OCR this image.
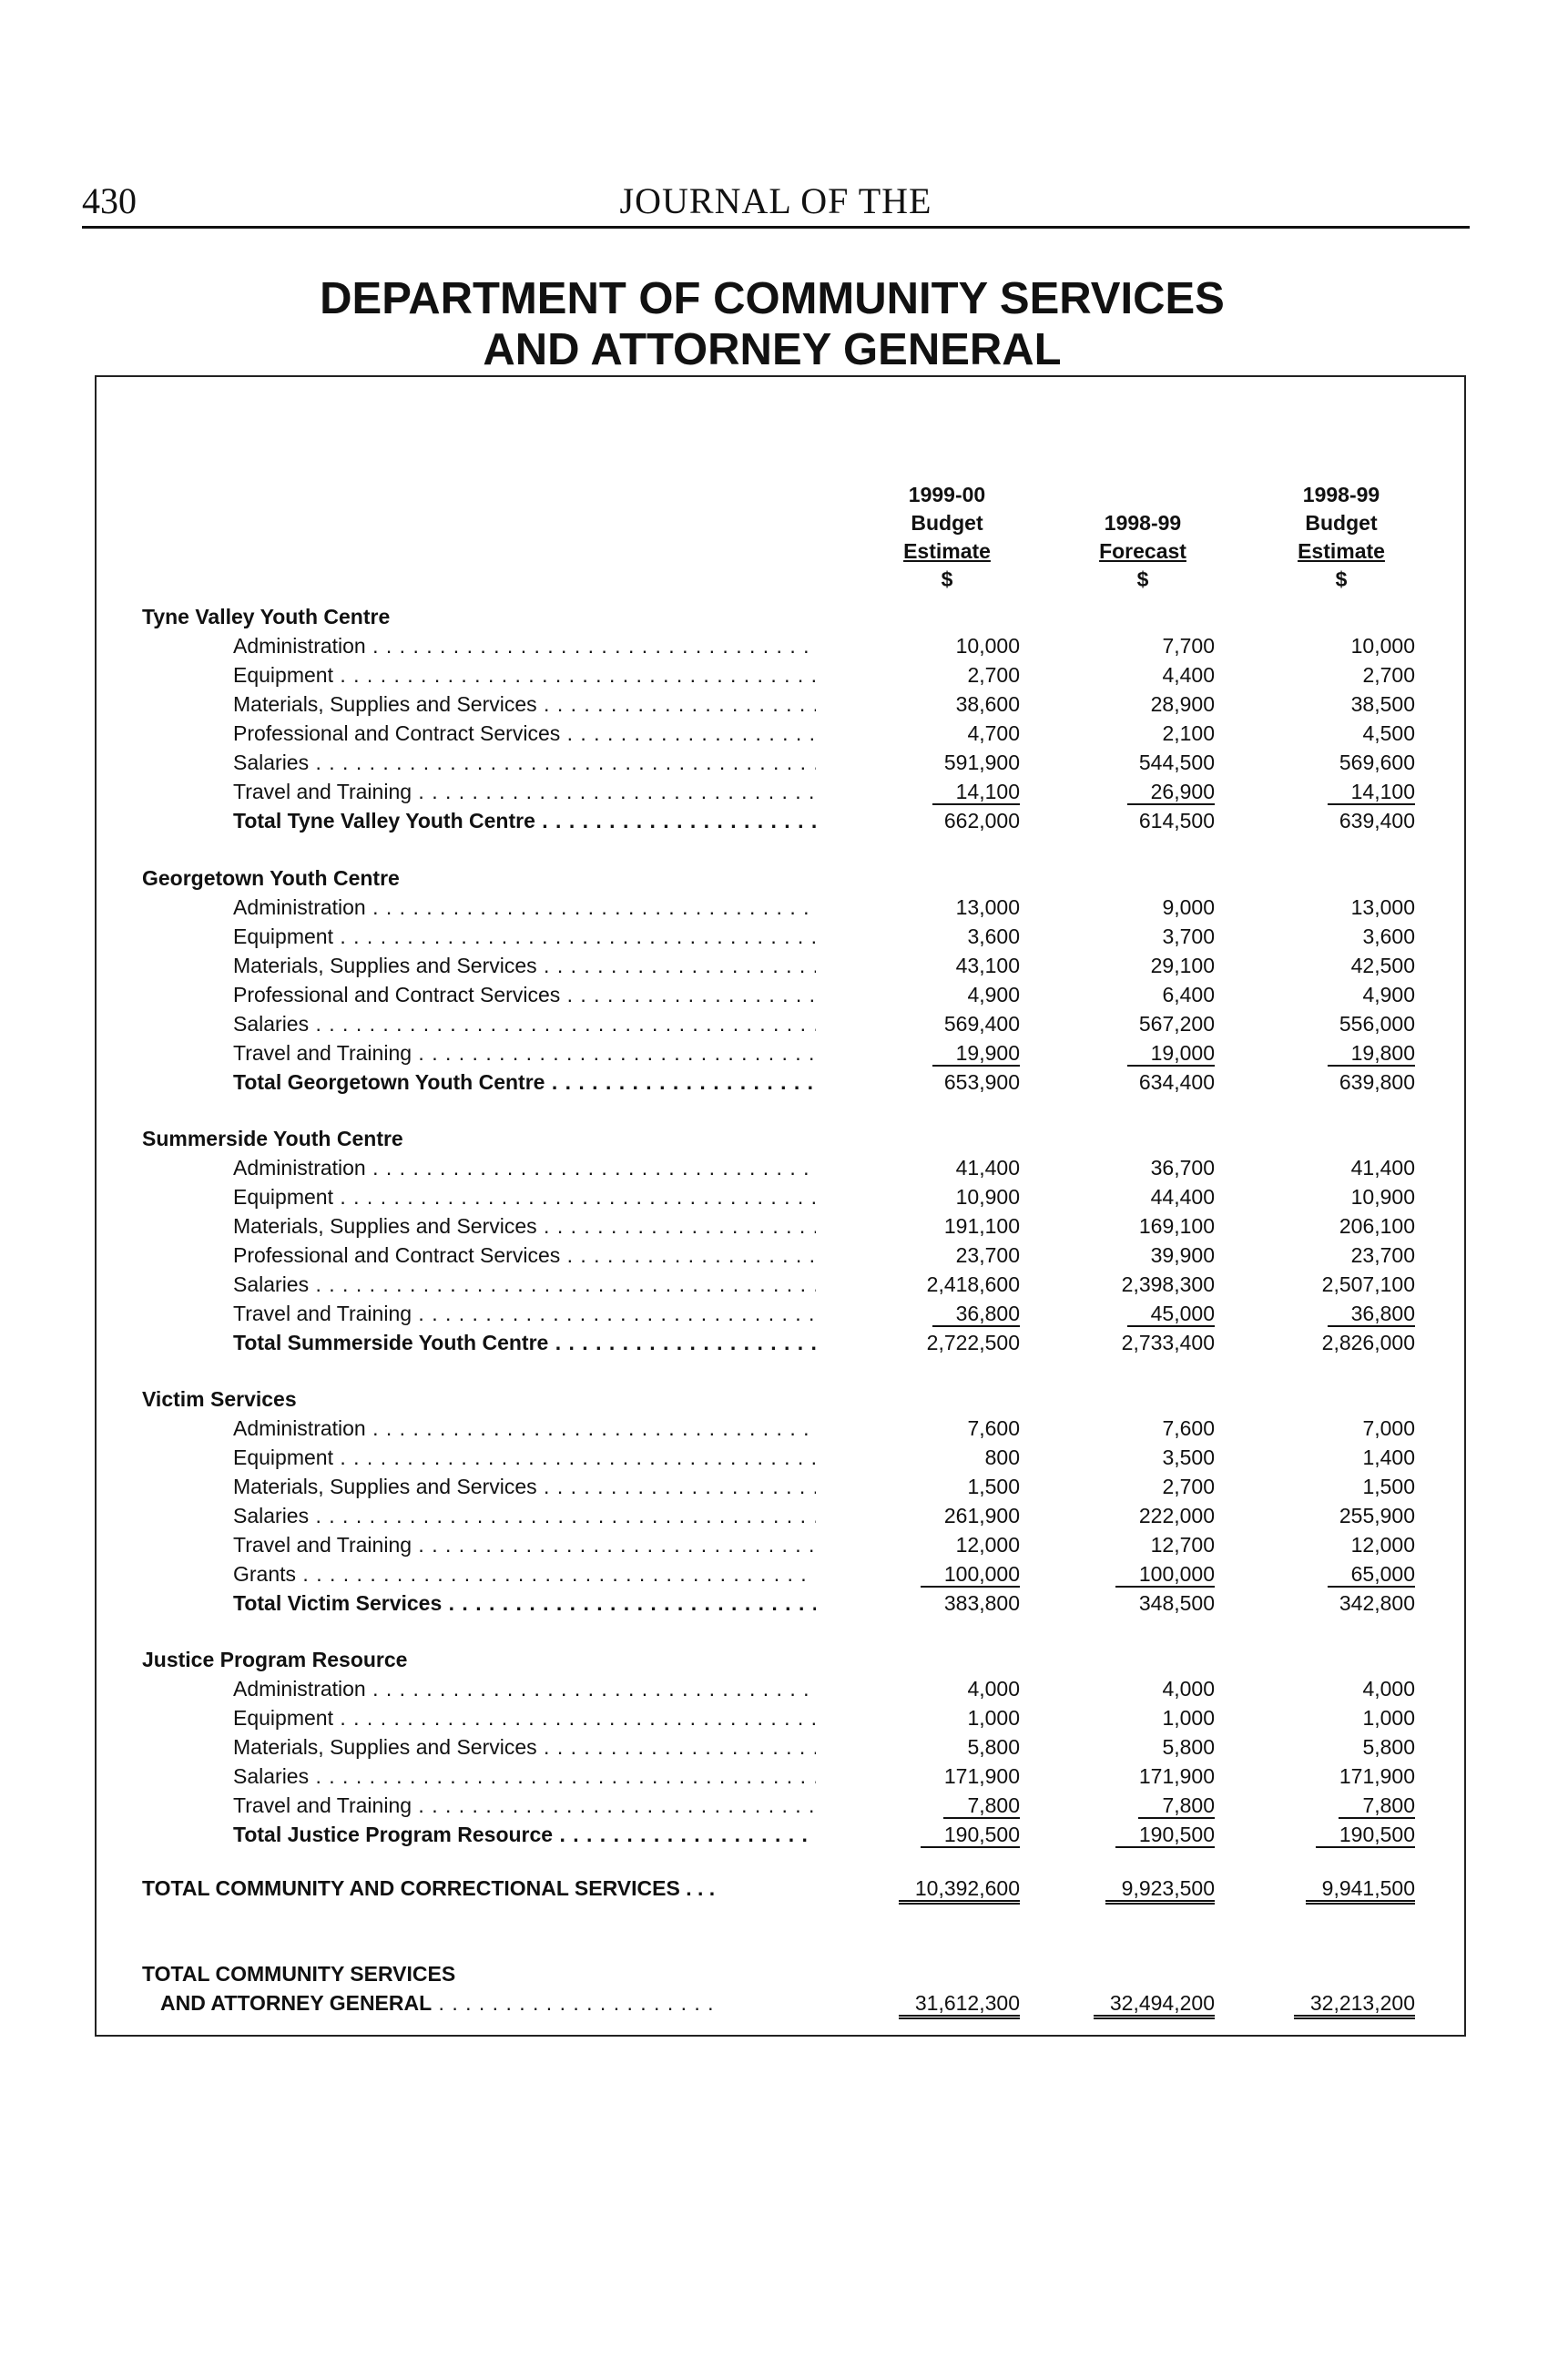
430	JOURNAL OF THE
DEPARTMENT OF COMMUNITY SERVICES
AND ATTORNEY GENERAL
1999-00
Budget
Estimate
$
1998-99
Forecast
$
1998-99
Budget
Estimate
$
Tyne Valley Youth Centre
Administration . . .	10,000	7,700	10,000
Equipment . . .	2,700	4,400	2,700
Materials, Supplies and Services . . .	38,600	28,900	38,500
Professional and Contract Services . . .	4,700	2,100	4,500
Salaries . . .	591,900	544,500	569,600
Travel and Training . . .	14,100	26,900	14,100
Total Tyne Valley Youth Centre . . .	662,000	614,500	639,400
Georgetown Youth Centre
Administration . . .	13,000	9,000	13,000
Equipment . . .	3,600	3,700	3,600
Materials, Supplies and Services . . .	43,100	29,100	42,500
Professional and Contract Services . . .	4,900	6,400	4,900
Salaries . . .	569,400	567,200	556,000
Travel and Training . . .	19,900	19,000	19,800
Total Georgetown Youth Centre . . .	653,900	634,400	639,800
Summerside Youth Centre
Administration . . .	41,400	36,700	41,400
Equipment . . .	10,900	44,400	10,900
Materials, Supplies and Services . . .	191,100	169,100	206,100
Professional and Contract Services . . .	23,700	39,900	23,700
Salaries . . .	2,418,600	2,398,300	2,507,100
Travel and Training . . .	36,800	45,000	36,800
Total Summerside Youth Centre . . .	2,722,500	2,733,400	2,826,000
Victim Services
Administration . . .	7,600	7,600	7,000
Equipment . . .	800	3,500	1,400
Materials, Supplies and Services . . .	1,500	2,700	1,500
Salaries . . .	261,900	222,000	255,900
Travel and Training . . .	12,000	12,700	12,000
Grants . . .	100,000	100,000	65,000
Total Victim Services . . .	383,800	348,500	342,800
Justice Program Resource
Administration . . .	4,000	4,000	4,000
Equipment . . .	1,000	1,000	1,000
Materials, Supplies and Services . . .	5,800	5,800	5,800
Salaries . . .	171,900	171,900	171,900
Travel and Training . . .	7,800	7,800	7,800
Total Justice Program Resource . . .	190,500	190,500	190,500
TOTAL COMMUNITY AND CORRECTIONAL SERVICES . . .	10,392,600	9,923,500	9,941,500
TOTAL COMMUNITY SERVICES
AND ATTORNEY GENERAL . . .	31,612,300	32,494,200	32,213,200
